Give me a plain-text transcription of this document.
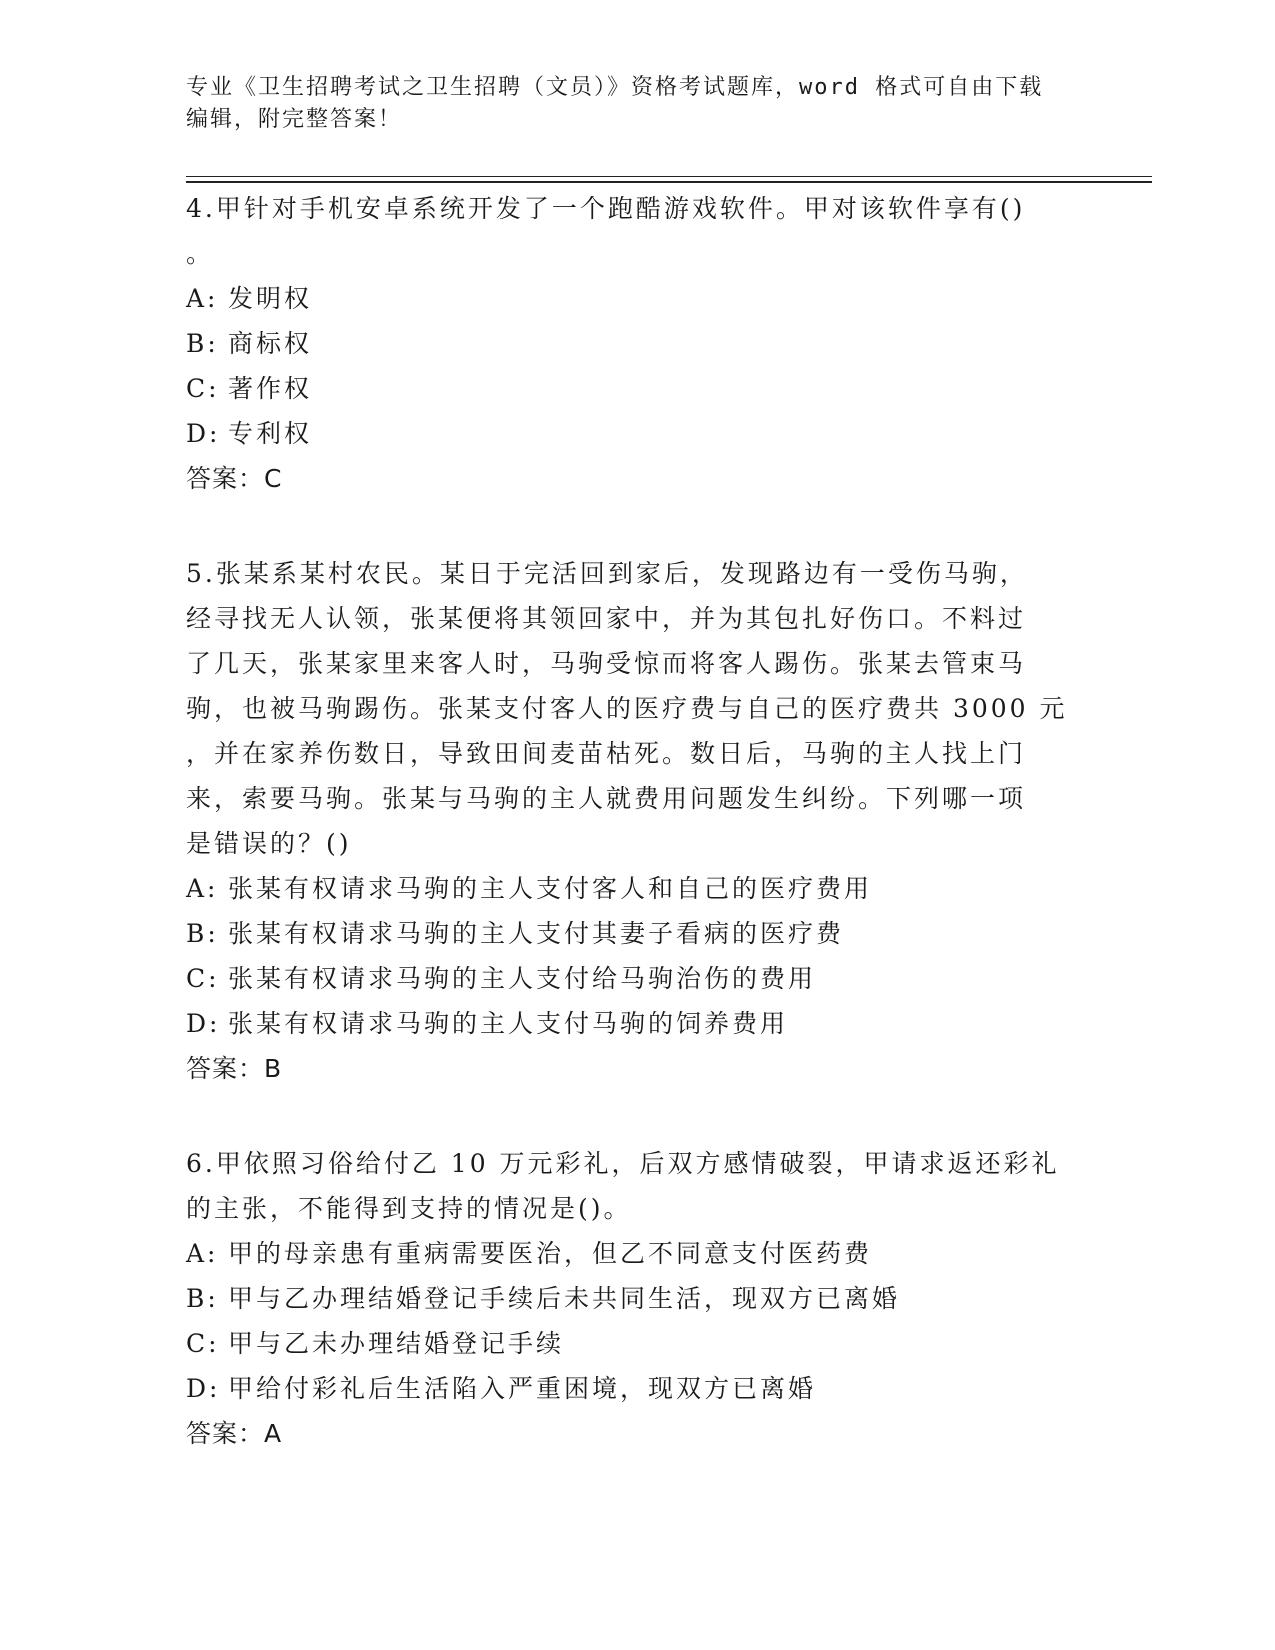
专业《卫生招聘考试之卫生招聘（文员）》资格考试题库，word 格式可自由下载
编辑，附完整答案！
4.甲针对手机安卓系统开发了一个跑酷游戏软件。甲对该软件享有()
。
A: 发明权
B: 商标权
C: 著作权
D: 专利权
答案：C
5.张某系某村农民。某日于完活回到家后，发现路边有一受伤马驹，
经寻找无人认领，张某便将其领回家中，并为其包扎好伤口。不料过
了几天，张某家里来客人时，马驹受惊而将客人踢伤。张某去管束马
驹，也被马驹踢伤。张某支付客人的医疗费与自己的医疗费共 3000 元
，并在家养伤数日，导致田间麦苗枯死。数日后，马驹的主人找上门
来，索要马驹。张某与马驹的主人就费用问题发生纠纷。下列哪一项
是错误的？()
A: 张某有权请求马驹的主人支付客人和自己的医疗费用
B: 张某有权请求马驹的主人支付其妻子看病的医疗费
C: 张某有权请求马驹的主人支付给马驹治伤的费用
D: 张某有权请求马驹的主人支付马驹的饲养费用
答案：B
6.甲依照习俗给付乙 10 万元彩礼，后双方感情破裂，甲请求返还彩礼
的主张，不能得到支持的情况是()。
A: 甲的母亲患有重病需要医治，但乙不同意支付医药费
B: 甲与乙办理结婚登记手续后未共同生活，现双方已离婚
C: 甲与乙未办理结婚登记手续
D: 甲给付彩礼后生活陷入严重困境，现双方已离婚
答案：A
